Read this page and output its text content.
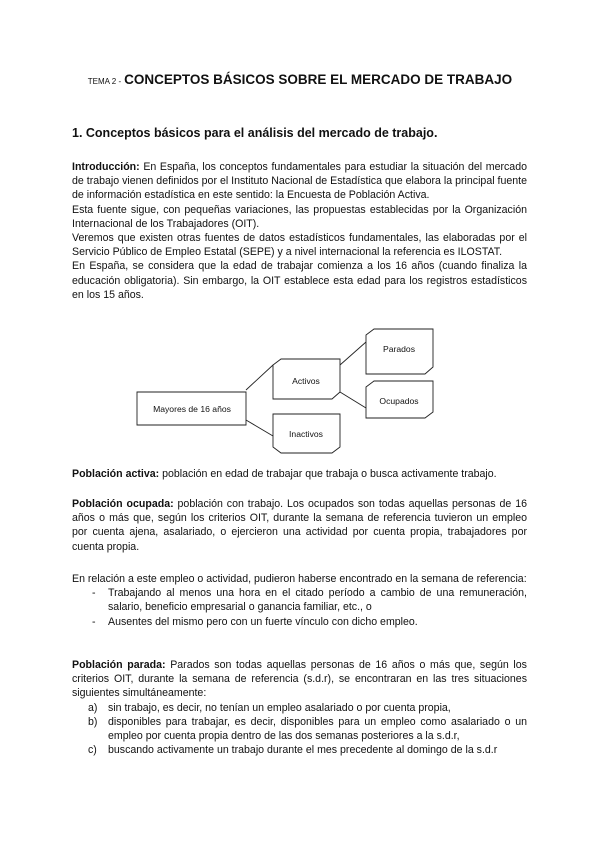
TEMA 2 - CONCEPTOS BÁSICOS SOBRE EL MERCADO DE TRABAJO
1. Conceptos básicos para el análisis del mercado de trabajo.
Introducción: En España, los conceptos fundamentales para estudiar la situación del mercado de trabajo vienen definidos por el Instituto Nacional de Estadística que elabora la principal fuente de información estadística en este sentido: la Encuesta de Población Activa.
Esta fuente sigue, con pequeñas variaciones, las propuestas establecidas por la Organización Internacional de los Trabajadores (OIT).
Veremos que existen otras fuentes de datos estadísticos fundamentales, las elaboradas por el Servicio Público de Empleo Estatal (SEPE) y a nivel internacional la referencia es ILOSTAT.
En España, se considera que la edad de trabajar comienza a los 16 años (cuando finaliza la educación obligatoria). Sin embargo, la OIT establece esta edad para los registros estadísticos en los 15 años.
Mayores de 16 años
Activos
Inactivos
Parados
Ocupados
Población activa: población en edad de trabajar que trabaja o busca activamente trabajo.
Población ocupada: población con trabajo. Los ocupados son todas aquellas personas de 16 años o más que, según los criterios OIT, durante la semana de referencia tuvieron un empleo por cuenta ajena, asalariado, o ejercieron una actividad por cuenta propia, trabajadores por cuenta propia.
En relación a este empleo o actividad, pudieron haberse encontrado en la semana de referencia:
- Trabajando al menos una hora en el citado período a cambio de una remuneración, salario, beneficio empresarial o ganancia familiar, etc., o
- Ausentes del mismo pero con un fuerte vínculo con dicho empleo.
Población parada: Parados son todas aquellas personas de 16 años o más que, según los criterios OIT, durante la semana de referencia (s.d.r), se encontraran en las tres situaciones siguientes simultáneamente:
a) sin trabajo, es decir, no tenían un empleo asalariado o por cuenta propia,
b) disponibles para trabajar, es decir, disponibles para un empleo como asalariado o un empleo por cuenta propia dentro de las dos semanas posteriores a la s.d.r,
c) buscando activamente un trabajo durante el mes precedente al domingo de la s.d.r
